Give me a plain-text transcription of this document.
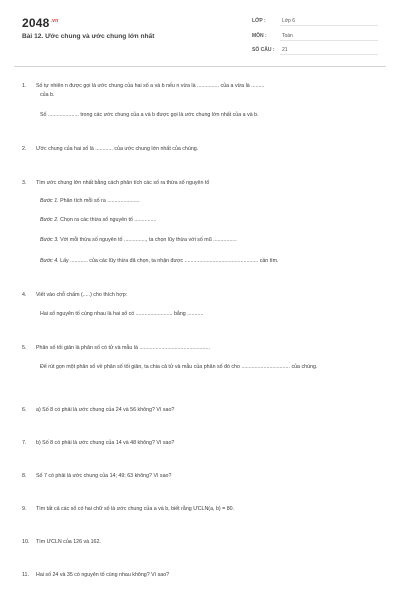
$2048^{.vn}$
Bài 12. Ước chung và ước chung lớn nhất
LỚP :	Lớp 6
MÔN :	Toán
SỐ CÂU : 21
1. Số tự nhiên n được gọi là ước chung của hai số a và b nếu n vừa là ............... của a vừa là .........
của b.
Số ..................... trong các ước chung của a và b được gọi là ước chung lớn nhất của a và b.
2. Ước chung của hai số là ............ của ước chung lớn nhất của chúng.
3. Tìm ước chung lớn nhất bằng cách phân tích các số ra thừa số nguyên tố
Bước 1. Phân tích mỗi số ra ......................
Bước 2. Chọn ra các thừa số nguyên tố ...............
Bước 3. Với mỗi thừa số nguyên tố ..............., ta chọn lũy thừa với số mũ ................
Bước 4. Lấy ............ của các lũy thừa đã chọn, ta nhận được .................................................. cần tìm.
4. Viết vào chỗ chấm (.....) cho thích hợp:
Hai số nguyên tố cùng nhau là hai số có ......................... bằng ...........
5. Phân số tối giản là phân số có tử và mẫu là ................................................
Để rút gọn một phân số về phân số tối giản, ta chia cả tử và mẫu của phân số đó cho ................................. của chúng.
6. a) Số 8 có phải là ước chung của 24 và 56 không? Vì sao?
7. b) Số 8 có phải là ước chung của 14 và 48 không? Vì sao?
8. Số 7 có phải là ước chung của 14; 49; 63 không? Vì sao?
9. Tìm tất cả các số có hai chữ số là ước chung của a và b, biết rằng ƯCLN(a, b) = 80.
10. Tìm ƯCLN của 126 và 162.
11. Hai số 24 và 35 có nguyên tố cùng nhau không? Vì sao?
